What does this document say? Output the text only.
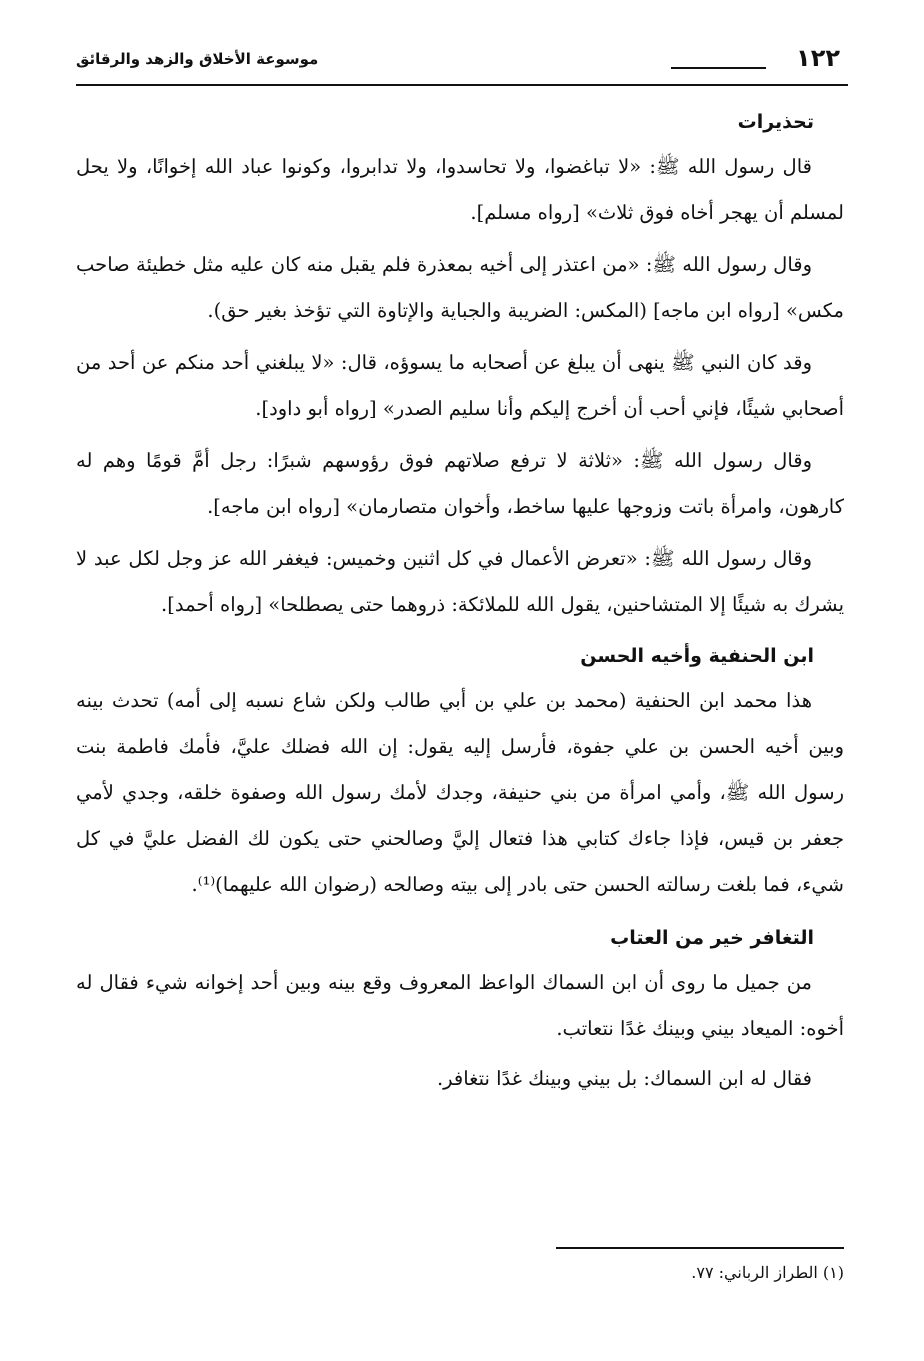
١٢٢
موسوعة الأخلاق والزهد والرقائق
تحذيرات

قال رسول الله ﷺ: «لا تباغضوا، ولا تحاسدوا، ولا تدابروا، وكونوا عباد الله إخوانًا، ولا يحل لمسلم أن يهجر أخاه فوق ثلاث» [رواه مسلم].

وقال رسول الله ﷺ: «من اعتذر إلى أخيه بمعذرة فلم يقبل منه كان عليه مثل خطيئة صاحب مكس» [رواه ابن ماجه] (المكس: الضريبة والجباية والإتاوة التي تؤخذ بغير حق).

وقد كان النبي ﷺ ينهى أن يبلغ عن أصحابه ما يسوؤه، قال: «لا يبلغني أحد منكم عن أحد من أصحابي شيئًا، فإني أحب أن أخرج إليكم وأنا سليم الصدر» [رواه أبو داود].

وقال رسول الله ﷺ: «ثلاثة لا ترفع صلاتهم فوق رؤوسهم شبرًا: رجل أمَّ قومًا وهم له كارهون، وامرأة باتت وزوجها عليها ساخط، وأخوان متصارمان» [رواه ابن ماجه].

وقال رسول الله ﷺ: «تعرض الأعمال في كل اثنين وخميس: فيغفر الله عز وجل لكل عبد لا يشرك به شيئًا إلا المتشاحنين، يقول الله للملائكة: ذروهما حتى يصطلحا» [رواه أحمد].

ابن الحنفية وأخيه الحسن

هذا محمد ابن الحنفية (محمد بن علي بن أبي طالب ولكن شاع نسبه إلى أمه) تحدث بينه وبين أخيه الحسن بن علي جفوة، فأرسل إليه يقول: إن الله فضلك عليَّ، فأمك فاطمة بنت رسول الله ﷺ، وأمي امرأة من بني حنيفة، وجدك لأمك رسول الله وصفوة خلقه، وجدي لأمي جعفر بن قيس، فإذا جاءك كتابي هذا فتعال إليَّ وصالحني حتى يكون لك الفضل عليَّ في كل شيء، فما بلغت رسالته الحسن حتى بادر إلى بيته وصالحه (رضوان الله عليهما)⁽¹⁾.

التغافر خير من العتاب

من جميل ما روى أن ابن السماك الواعظ المعروف وقع بينه وبين أحد إخوانه شيء فقال له أخوه: الميعاد بيني وبينك غدًا نتعاتب.

فقال له ابن السماك: بل بيني وبينك غدًا نتغافر.

(١) الطراز الرباني: ٧٧.
